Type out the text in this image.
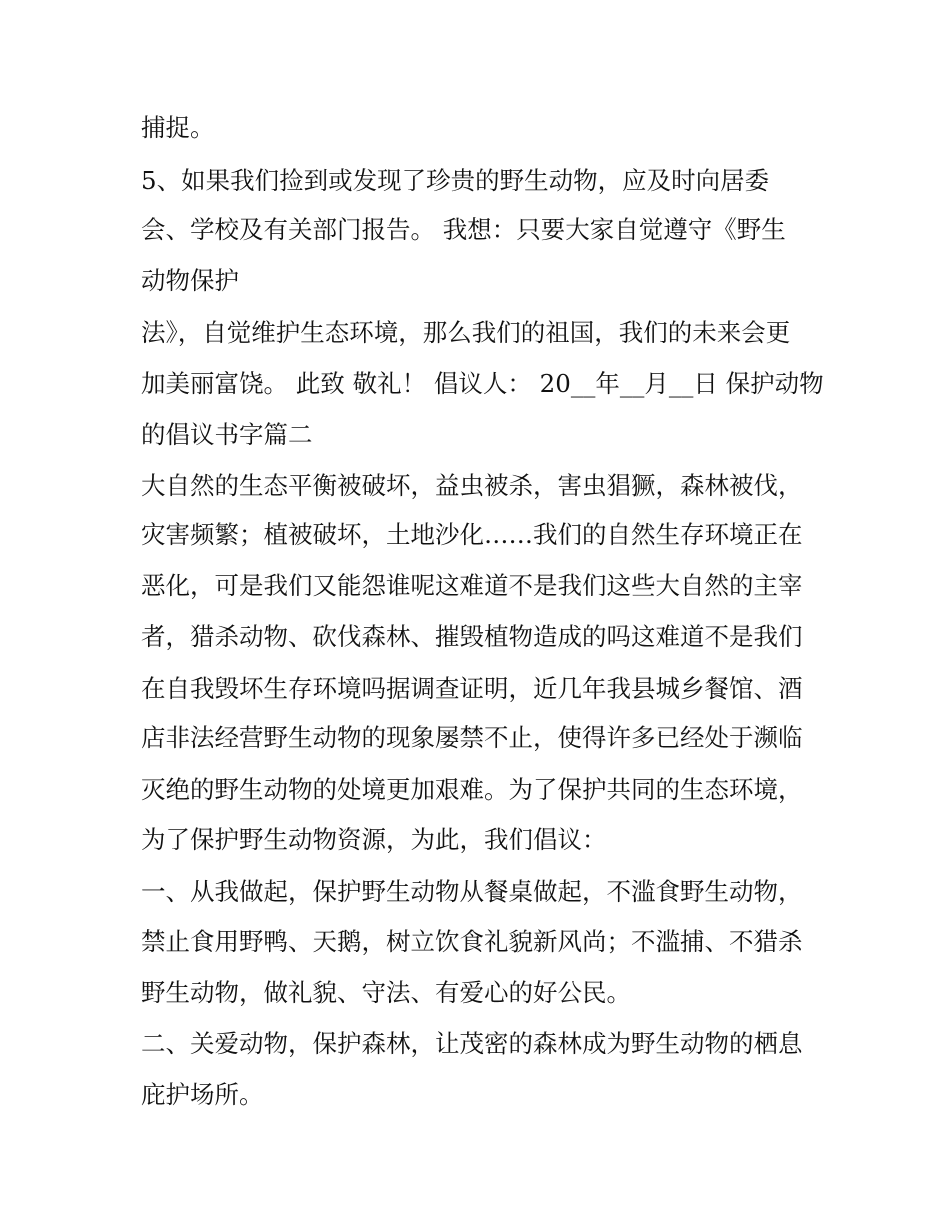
捕捉。
5、如果我们捡到或发现了珍贵的野生动物，应及时向居委
会、学校及有关部门报告。 我想：只要大家自觉遵守《野生
动物保护
法》，自觉维护生态环境，那么我们的祖国，我们的未来会更
加美丽富饶。 此致 敬礼！ 倡议人： 20__年__月__日 保护动物
的倡议书字篇二
大自然的生态平衡被破坏，益虫被杀，害虫猖獗，森林被伐，
灾害频繁；植被破坏，土地沙化……我们的自然生存环境正在
恶化，可是我们又能怨谁呢这难道不是我们这些大自然的主宰
者，猎杀动物、砍伐森林、摧毁植物造成的吗这难道不是我们
在自我毁坏生存环境吗据调查证明，近几年我县城乡餐馆、酒
店非法经营野生动物的现象屡禁不止，使得许多已经处于濒临
灭绝的野生动物的处境更加艰难。为了保护共同的生态环境，
为了保护野生动物资源，为此，我们倡议：
一、从我做起，保护野生动物从餐桌做起，不滥食野生动物，
禁止食用野鸭、天鹅，树立饮食礼貌新风尚；不滥捕、不猎杀
野生动物，做礼貌、守法、有爱心的好公民。
二、关爱动物，保护森林，让茂密的森林成为野生动物的栖息
庇护场所。
